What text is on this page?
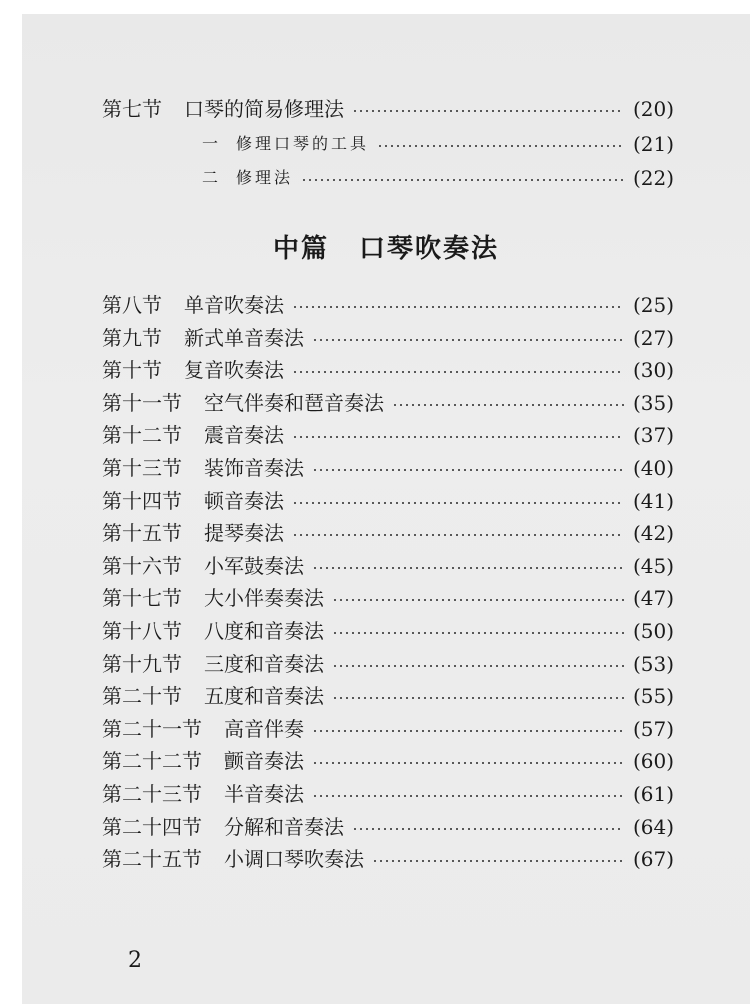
第七节 口琴的简易修理法	(20)
一 修理口琴的工具	(21)
二 修理法	(22)
中篇 口琴吹奏法
第八节 单音吹奏法	(25)
第九节 新式单音奏法	(27)
第十节 复音吹奏法	(30)
第十一节 空气伴奏和琶音奏法	(35)
第十二节 震音奏法	(37)
第十三节 装饰音奏法	(40)
第十四节 顿音奏法	(41)
第十五节 提琴奏法	(42)
第十六节 小军鼓奏法	(45)
第十七节 大小伴奏奏法	(47)
第十八节 八度和音奏法	(50)
第十九节 三度和音奏法	(53)
第二十节 五度和音奏法	(55)
第二十一节 高音伴奏	(57)
第二十二节 颤音奏法	(60)
第二十三节 半音奏法	(61)
第二十四节 分解和音奏法	(64)
第二十五节 小调口琴吹奏法	(67)
2
